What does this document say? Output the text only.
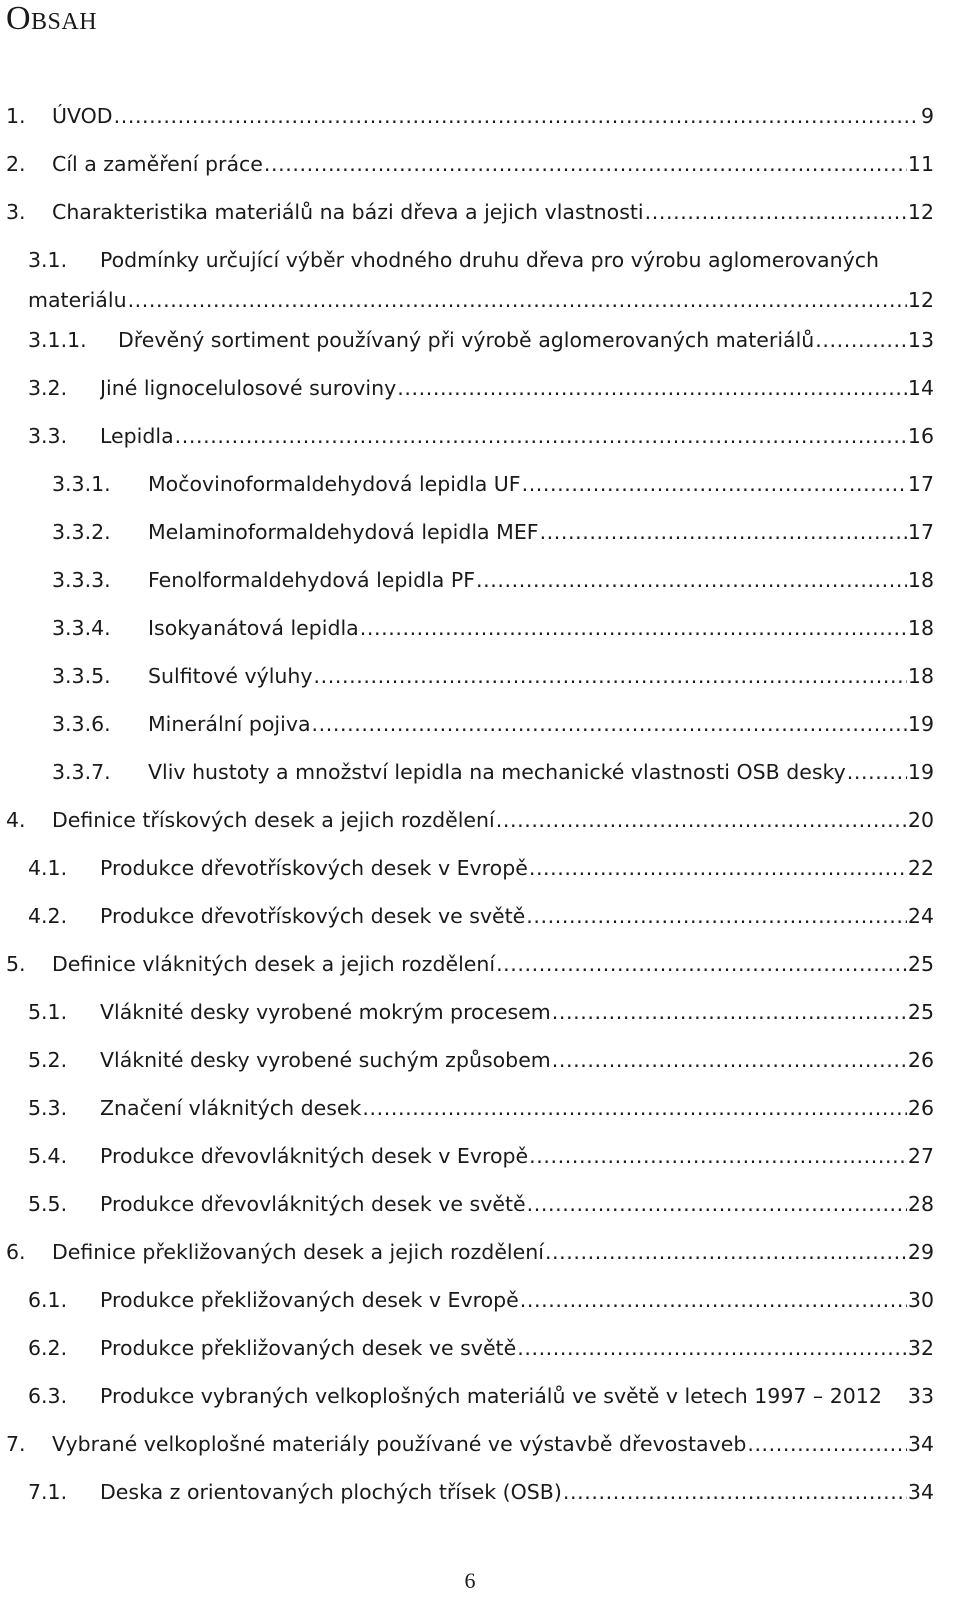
Obsah
1. ÚVOD .....	9
2. Cíl a zaměření práce .....	11
3. Charakteristika materiálů na bázi dřeva a jejich vlastnosti .....	12
3.1. Podmínky určující výběr vhodného druhu dřeva pro výrobu aglomerovaných
materiálu .....	12
3.1.1. Dřevěný sortiment používaný při výrobě aglomerovaných materiálů .....	13
3.2. Jiné lignocelulosové suroviny .....	14
3.3. Lepidla .....	16
3.3.1. Močovinoformaldehydová lepidla UF .....	17
3.3.2. Melaminoformaldehydová lepidla MEF .....	17
3.3.3. Fenolformaldehydová lepidla PF .....	18
3.3.4. Isokyanátová lepidla .....	18
3.3.5. Sulfitové výluhy .....	18
3.3.6. Minerální pojiva .....	19
3.3.7. Vliv hustoty a množství lepidla na mechanické vlastnosti OSB desky .....	19
4. Definice třískových desek a jejich rozdělení .....	20
4.1. Produkce dřevotřískových desek v Evropě .....	22
4.2. Produkce dřevotřískových desek ve světě .....	24
5. Definice vláknitých desek a jejich rozdělení .....	25
5.1. Vláknité desky vyrobené mokrým procesem .....	25
5.2. Vláknité desky vyrobené suchým způsobem .....	26
5.3. Značení vláknitých desek .....	26
5.4. Produkce dřevovláknitých desek v Evropě .....	27
5.5. Produkce dřevovláknitých desek ve světě .....	28
6. Definice překližovaných desek a jejich rozdělení .....	29
6.1. Produkce překližovaných desek v Evropě .....	30
6.2. Produkce překližovaných desek ve světě .....	32
6.3. Produkce vybraných velkoplošných materiálů ve světě v letech 1997 – 2012 33
7. Vybrané velkoplošné materiály používané ve výstavbě dřevostaveb .....	34
7.1. Deska z orientovaných plochých třísek (OSB) .....	34
6
